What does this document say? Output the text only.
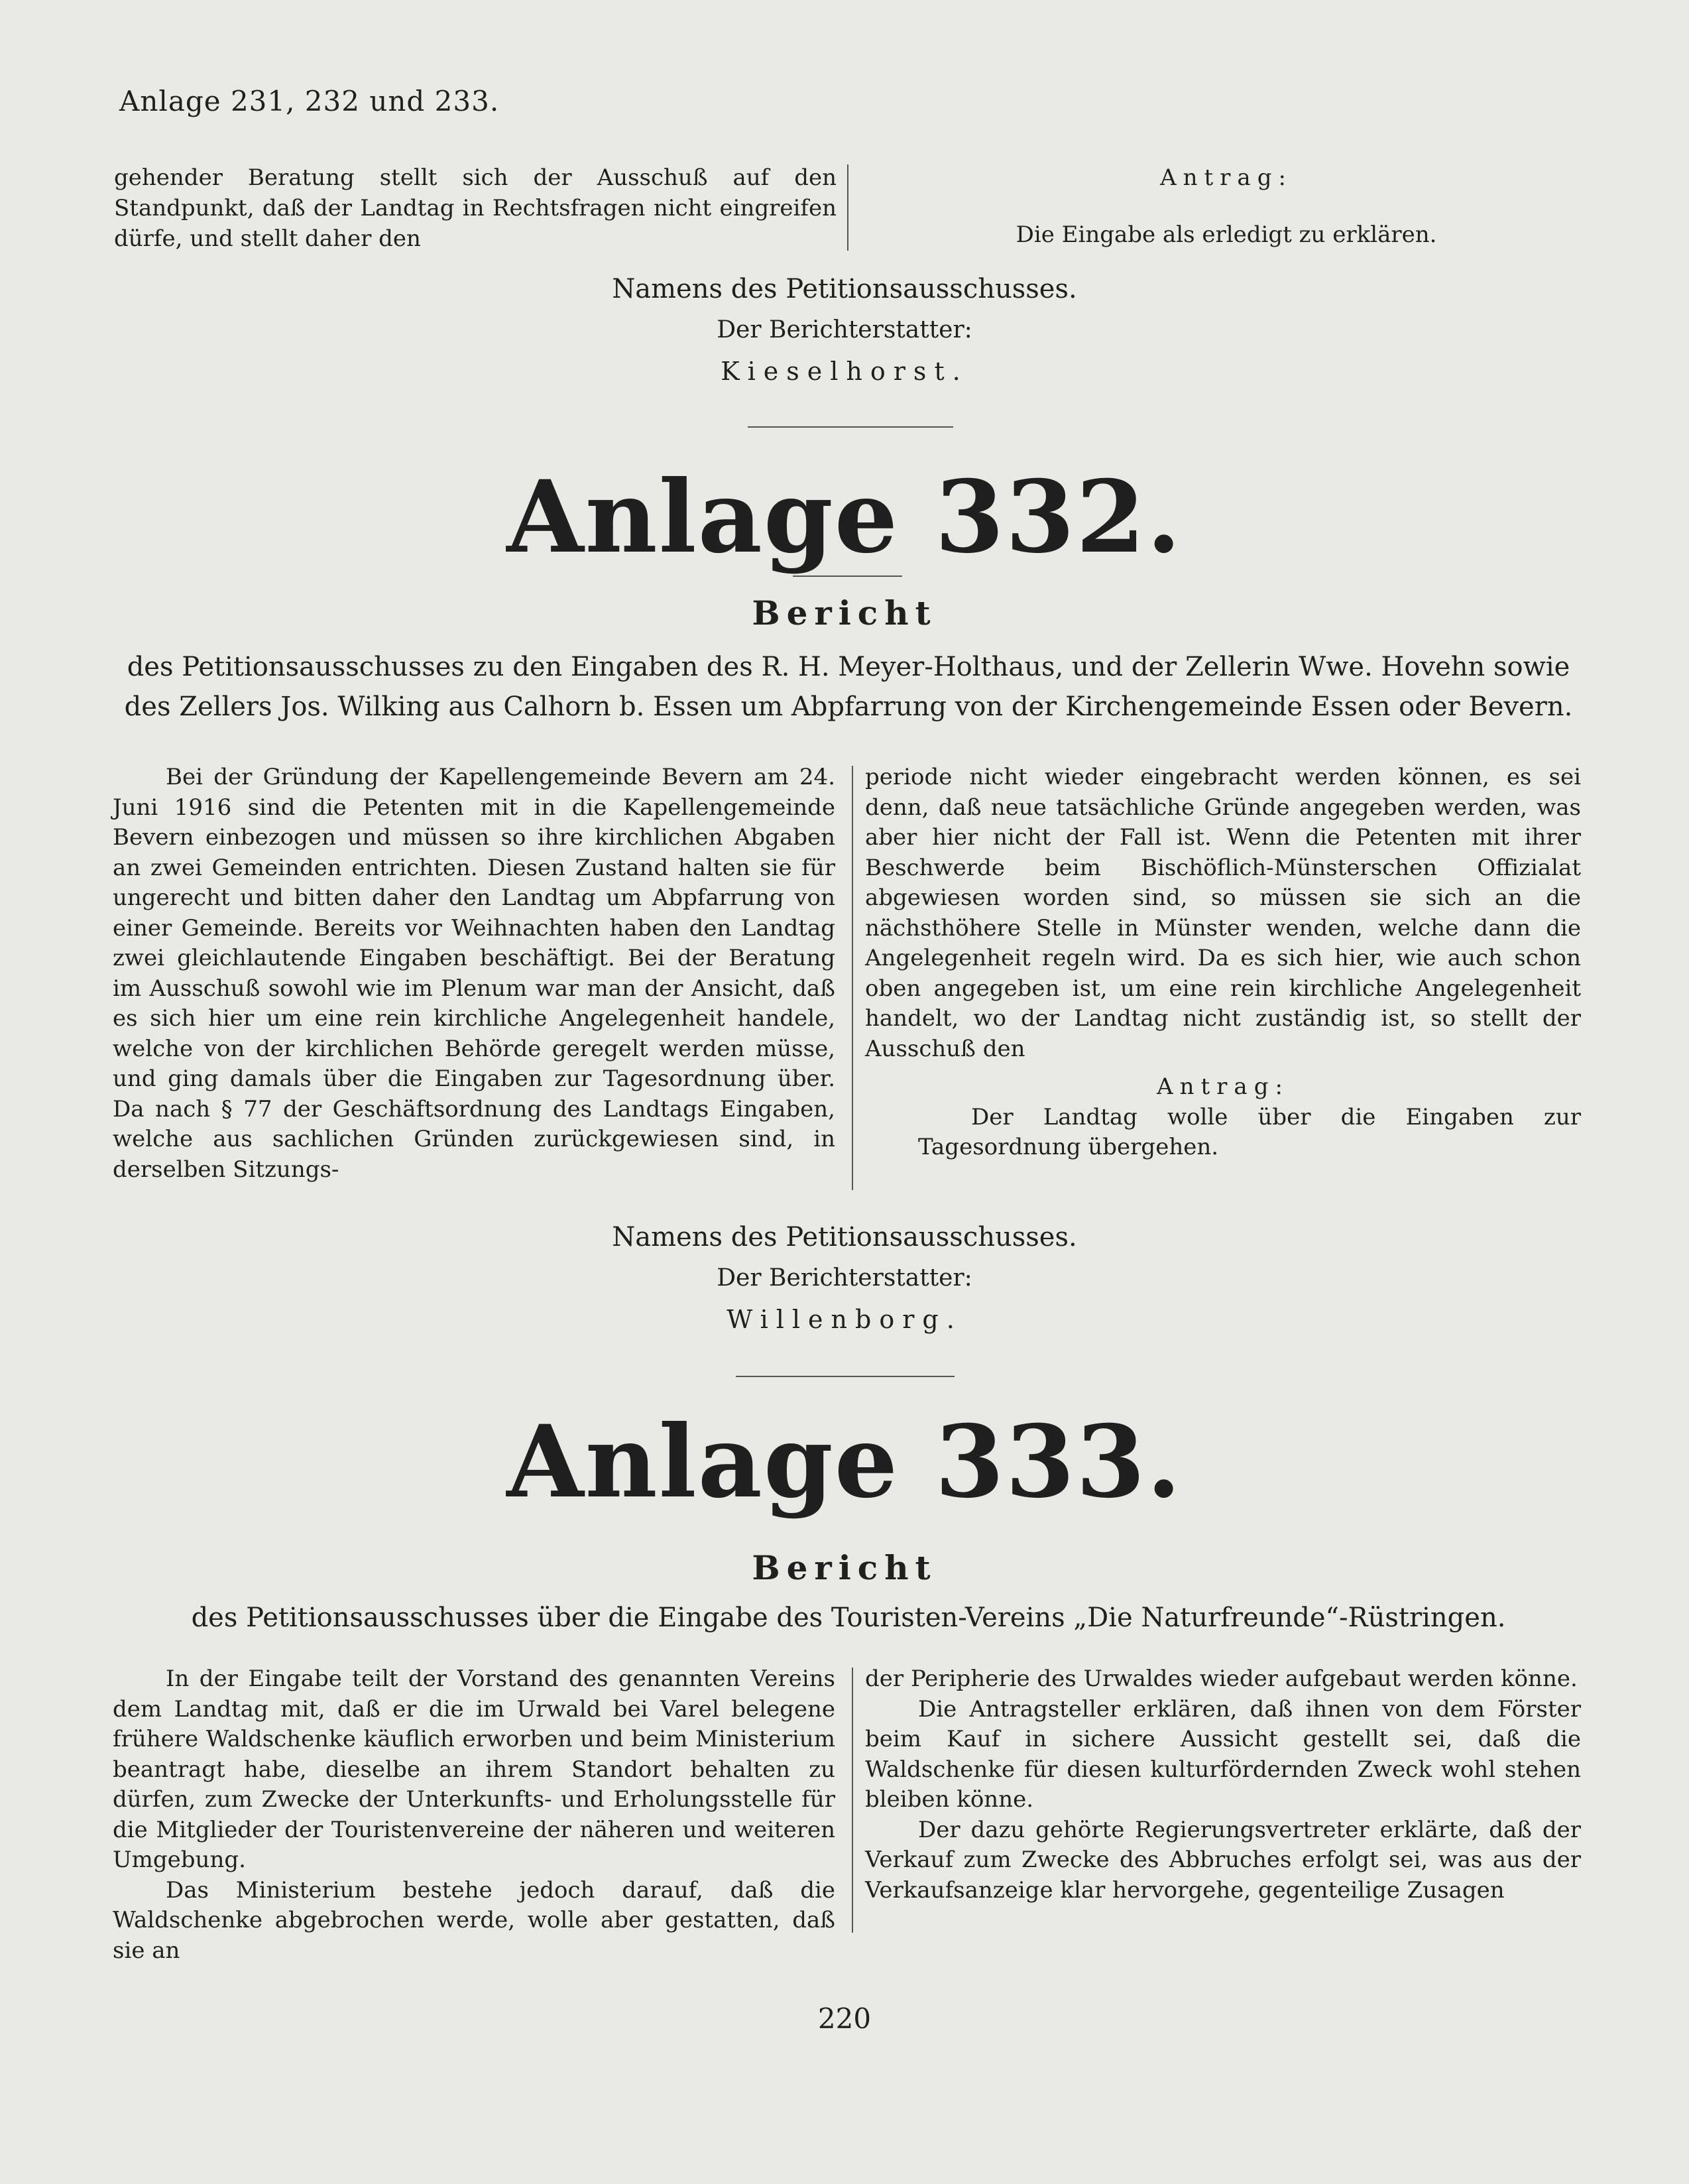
Anlage 231, 232 und 233.
gehender Beratung stellt sich der Ausschuß auf den Standpunkt, daß der Landtag in Rechtsfragen nicht eingreifen dürfe, und stellt daher den
Antrag:
Die Eingabe als erledigt zu erklären.
Namens des Petitionsausschusses.
Der Berichterstatter:
Kieselhorst.
Anlage 332.
Bericht
des Petitionsausschusses zu den Eingaben des R. H. Meyer-Holthaus, und der Zellerin Wwe. Hovehn sowie
des Zellers Jos. Wilking aus Calhorn b. Essen um Abpfarrung von der Kirchengemeinde Essen oder Bevern.

Bei der Gründung der Kapellengemeinde Bevern am 24. Juni 1916 sind die Petenten mit in die Kapellengemeinde Bevern einbezogen und müssen so ihre kirchlichen Abgaben an zwei Gemeinden entrichten. Diesen Zustand halten sie für ungerecht und bitten daher den Landtag um Abpfarrung von einer Gemeinde. Bereits vor Weihnachten haben den Landtag zwei gleichlautende Eingaben beschäftigt. Bei der Beratung im Ausschuß sowohl wie im Plenum war man der Ansicht, daß es sich hier um eine rein kirchliche Angelegenheit handele, welche von der kirchlichen Behörde geregelt werden müsse, und ging damals über die Eingaben zur Tagesordnung über. Da nach § 77 der Geschäftsordnung des Landtags Eingaben, welche aus sachlichen Gründen zurückgewiesen sind, in derselben Sitzungs-

periode nicht wieder eingebracht werden können, es sei denn, daß neue tatsächliche Gründe angegeben werden, was aber hier nicht der Fall ist. Wenn die Petenten mit ihrer Beschwerde beim Bischöflich-Münsterschen Offizialat abgewiesen worden sind, so müssen sie sich an die nächsthöhere Stelle in Münster wenden, welche dann die Angelegenheit regeln wird. Da es sich hier, wie auch schon oben angegeben ist, um eine rein kirchliche Angelegenheit handelt, wo der Landtag nicht zuständig ist, so stellt der Ausschuß den

Antrag:

Der Landtag wolle über die Eingaben zur Tagesordnung übergehen.

Namens des Petitionsausschusses.
Der Berichterstatter:
Willenborg.
Anlage 333.
Bericht
des Petitionsausschusses über die Eingabe des Touristen-Vereins „Die Naturfreunde“-Rüstringen.

In der Eingabe teilt der Vorstand des genannten Vereins dem Landtag mit, daß er die im Urwald bei Varel belegene frühere Waldschenke käuflich erworben und beim Ministerium beantragt habe, dieselbe an ihrem Standort behalten zu dürfen, zum Zwecke der Unterkunfts- und Erholungsstelle für die Mitglieder der Touristenvereine der näheren und weiteren Umgebung.

Das Ministerium bestehe jedoch darauf, daß die Waldschenke abgebrochen werde, wolle aber gestatten, daß sie an

der Peripherie des Urwaldes wieder aufgebaut werden könne.

Die Antragsteller erklären, daß ihnen von dem Förster beim Kauf in sichere Aussicht gestellt sei, daß die Waldschenke für diesen kulturfördernden Zweck wohl stehen bleiben könne.

Der dazu gehörte Regierungsvertreter erklärte, daß der Verkauf zum Zwecke des Abbruches erfolgt sei, was aus der Verkaufsanzeige klar hervorgehe, gegenteilige Zusagen

220
